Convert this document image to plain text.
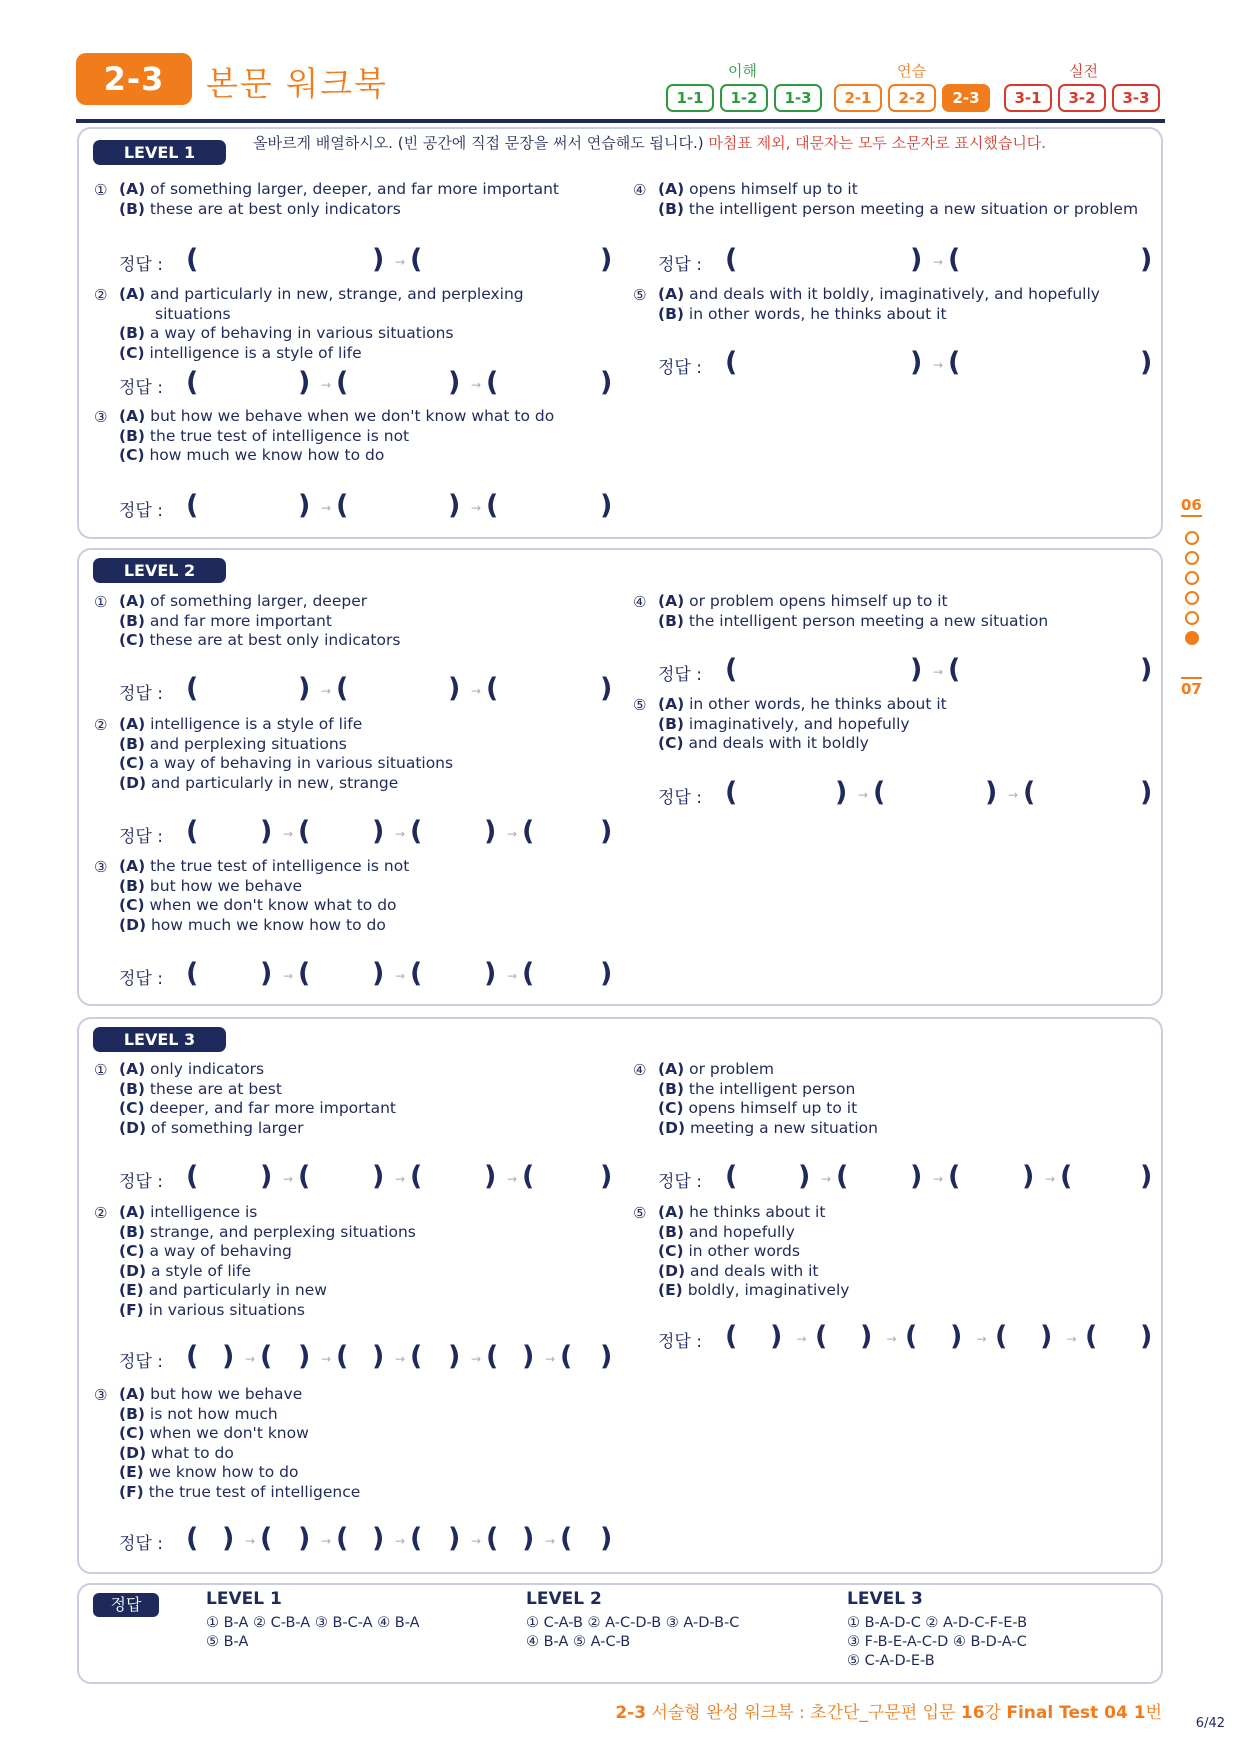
2-3	본문 워크북	이해	연습	실전
1-1	1-2	1-3	2-1	2-2	2-3	3-1	3-2	3-3
LEVEL 1
LEVEL 2
LEVEL 3
올바르게 배열하시오. (빈 공간에 직접 문장을 써서 연습해도 됩니다.) 마침표 제외, 대문자는 모두 소문자로 표시했습니다.
① (A) of something larger, deeper, and far more important
(B) these are at best only indicators
정답 : (	) → (	)
② (A) and particularly in new, strange, and perplexing
situations
(B) a way of behaving in various situations
(C) intelligence is a style of life
정답 : (	) → (	) → (	)
③ (A) but how we behave when we don't know what to do
(B) the true test of intelligence is not
(C) how much we know how to do
정답 : (	) → (	) → (	)
④ (A) opens himself up to it
(B) the intelligent person meeting a new situation or problem
정답 : (	) → (	)
⑤ (A) and deals with it boldly, imaginatively, and hopefully
(B) in other words, he thinks about it
정답 : (	) → (	)
① (A) of something larger, deeper
(B) and far more important
(C) these are at best only indicators
정답 : (	) → (	) → (	)
② (A) intelligence is a style of life
(B) and perplexing situations
(C) a way of behaving in various situations
(D) and particularly in new, strange
정답 : ( ) → ( ) → ( ) → ( )
③ (A) the true test of intelligence is not
(B) but how we behave
(C) when we don't know what to do
(D) how much we know how to do
정답 : ( ) → ( ) → ( ) → ( )
④ (A) or problem opens himself up to it
(B) the intelligent person meeting a new situation
정답 : (	) → (	)
⑤ (A) in other words, he thinks about it
(B) imaginatively, and hopefully
(C) and deals with it boldly
정답 : (	) → (	) → (	)
① (A) only indicators
(B) these are at best
(C) deeper, and far more important
(D) of something larger
정답 : ( ) → ( ) → ( ) → ( )
② (A) intelligence is
(B) strange, and perplexing situations
(C) a way of behaving
(D) a style of life
(E) and particularly in new
(F) in various situations
정답 : ( ) → ( ) → ( ) → ( ) → ( ) → ( )
③ (A) but how we behave
(B) is not how much
(C) when we don't know
(D) what to do
(E) we know how to do
(F) the true test of intelligence
정답 : ( ) → ( ) → ( ) → ( ) → ( ) → ( )
④ (A) or problem
(B) the intelligent person
(C) opens himself up to it
(D) meeting a new situation
정답 : ( ) → ( ) → ( ) → (	)
⑤ (A) he thinks about it
(B) and hopefully
(C) in other words
(D) and deals with it
(E) boldly, imaginatively
정답 : ( ) → ( ) → ( ) → ( ) → ( )
정답	LEVEL 1	LEVEL 2	LEVEL 3
① B-A ② C-B-A ③ B-C-A ④ B-A
⑤ B-A
① C-A-B ② A-C-D-B ③ A-D-B-C
④ B-A ⑤ A-C-B
① B-A-D-C ② A-D-C-F-E-B
③ F-B-E-A-C-D ④ B-D-A-C
⑤ C-A-D-E-B
06
07
2-3 서술형 완성 워크북 : 초간단_구문편 입문 16강 Final Test 04 1번
6/42
